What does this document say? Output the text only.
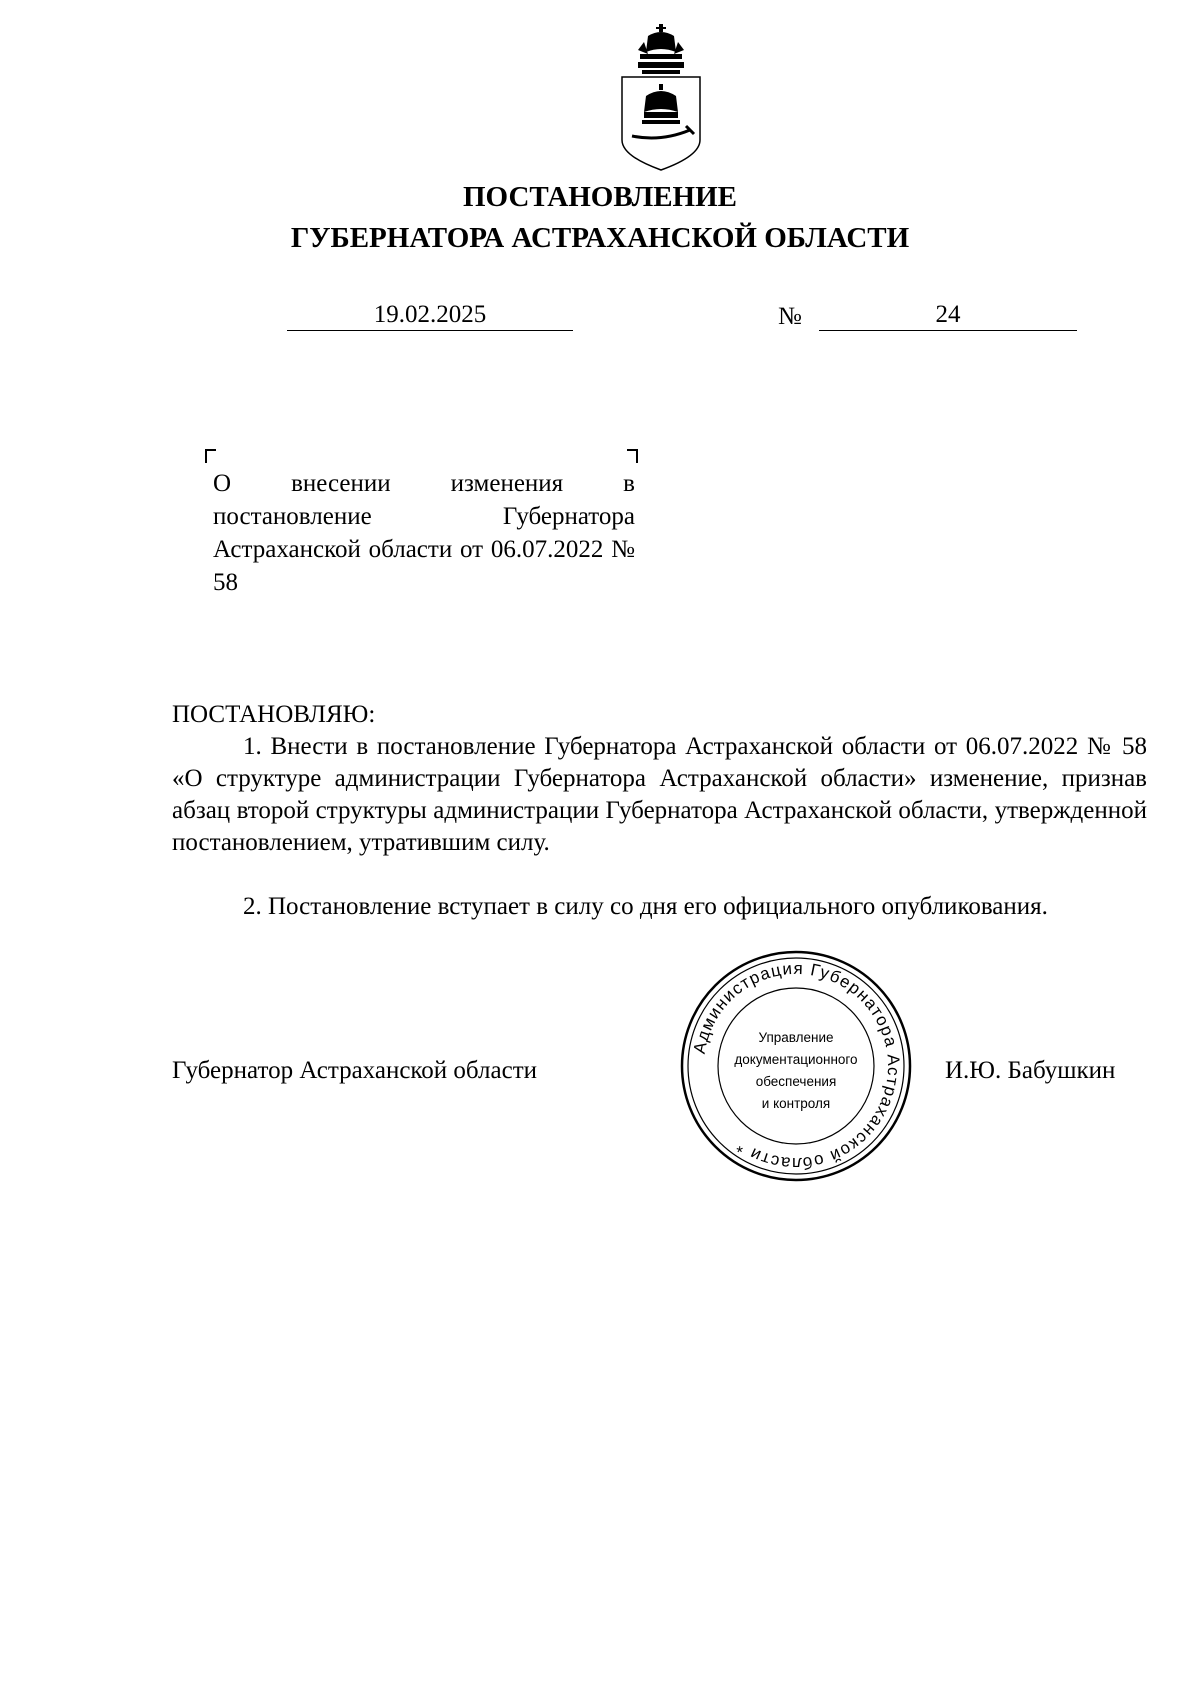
ПОСТАНОВЛЕНИЕ
ГУБЕРНАТОРА АСТРАХАНСКОЙ ОБЛАСТИ
19.02.2025	№	24

О внесении изменения в постановление Губернатора Астраханской области от 06.07.2022 № 58

ПОСТАНОВЛЯЮ:

1. Внести в постановление Губернатора Астраханской области от 06.07.2022 № 58 «О структуре администрации Губернатора Астраханской области» изменение, признав абзац второй структуры администрации Губернатора Астраханской области, утвержденной постановлением, утратившим силу.

2. Постановление вступает в силу со дня его официального опубликования.

Губернатор Астраханской области	И.Ю. Бабушкин
Администрация Губернатора Астраханской области *
Управление
документационного
обеспечения
и контроля
